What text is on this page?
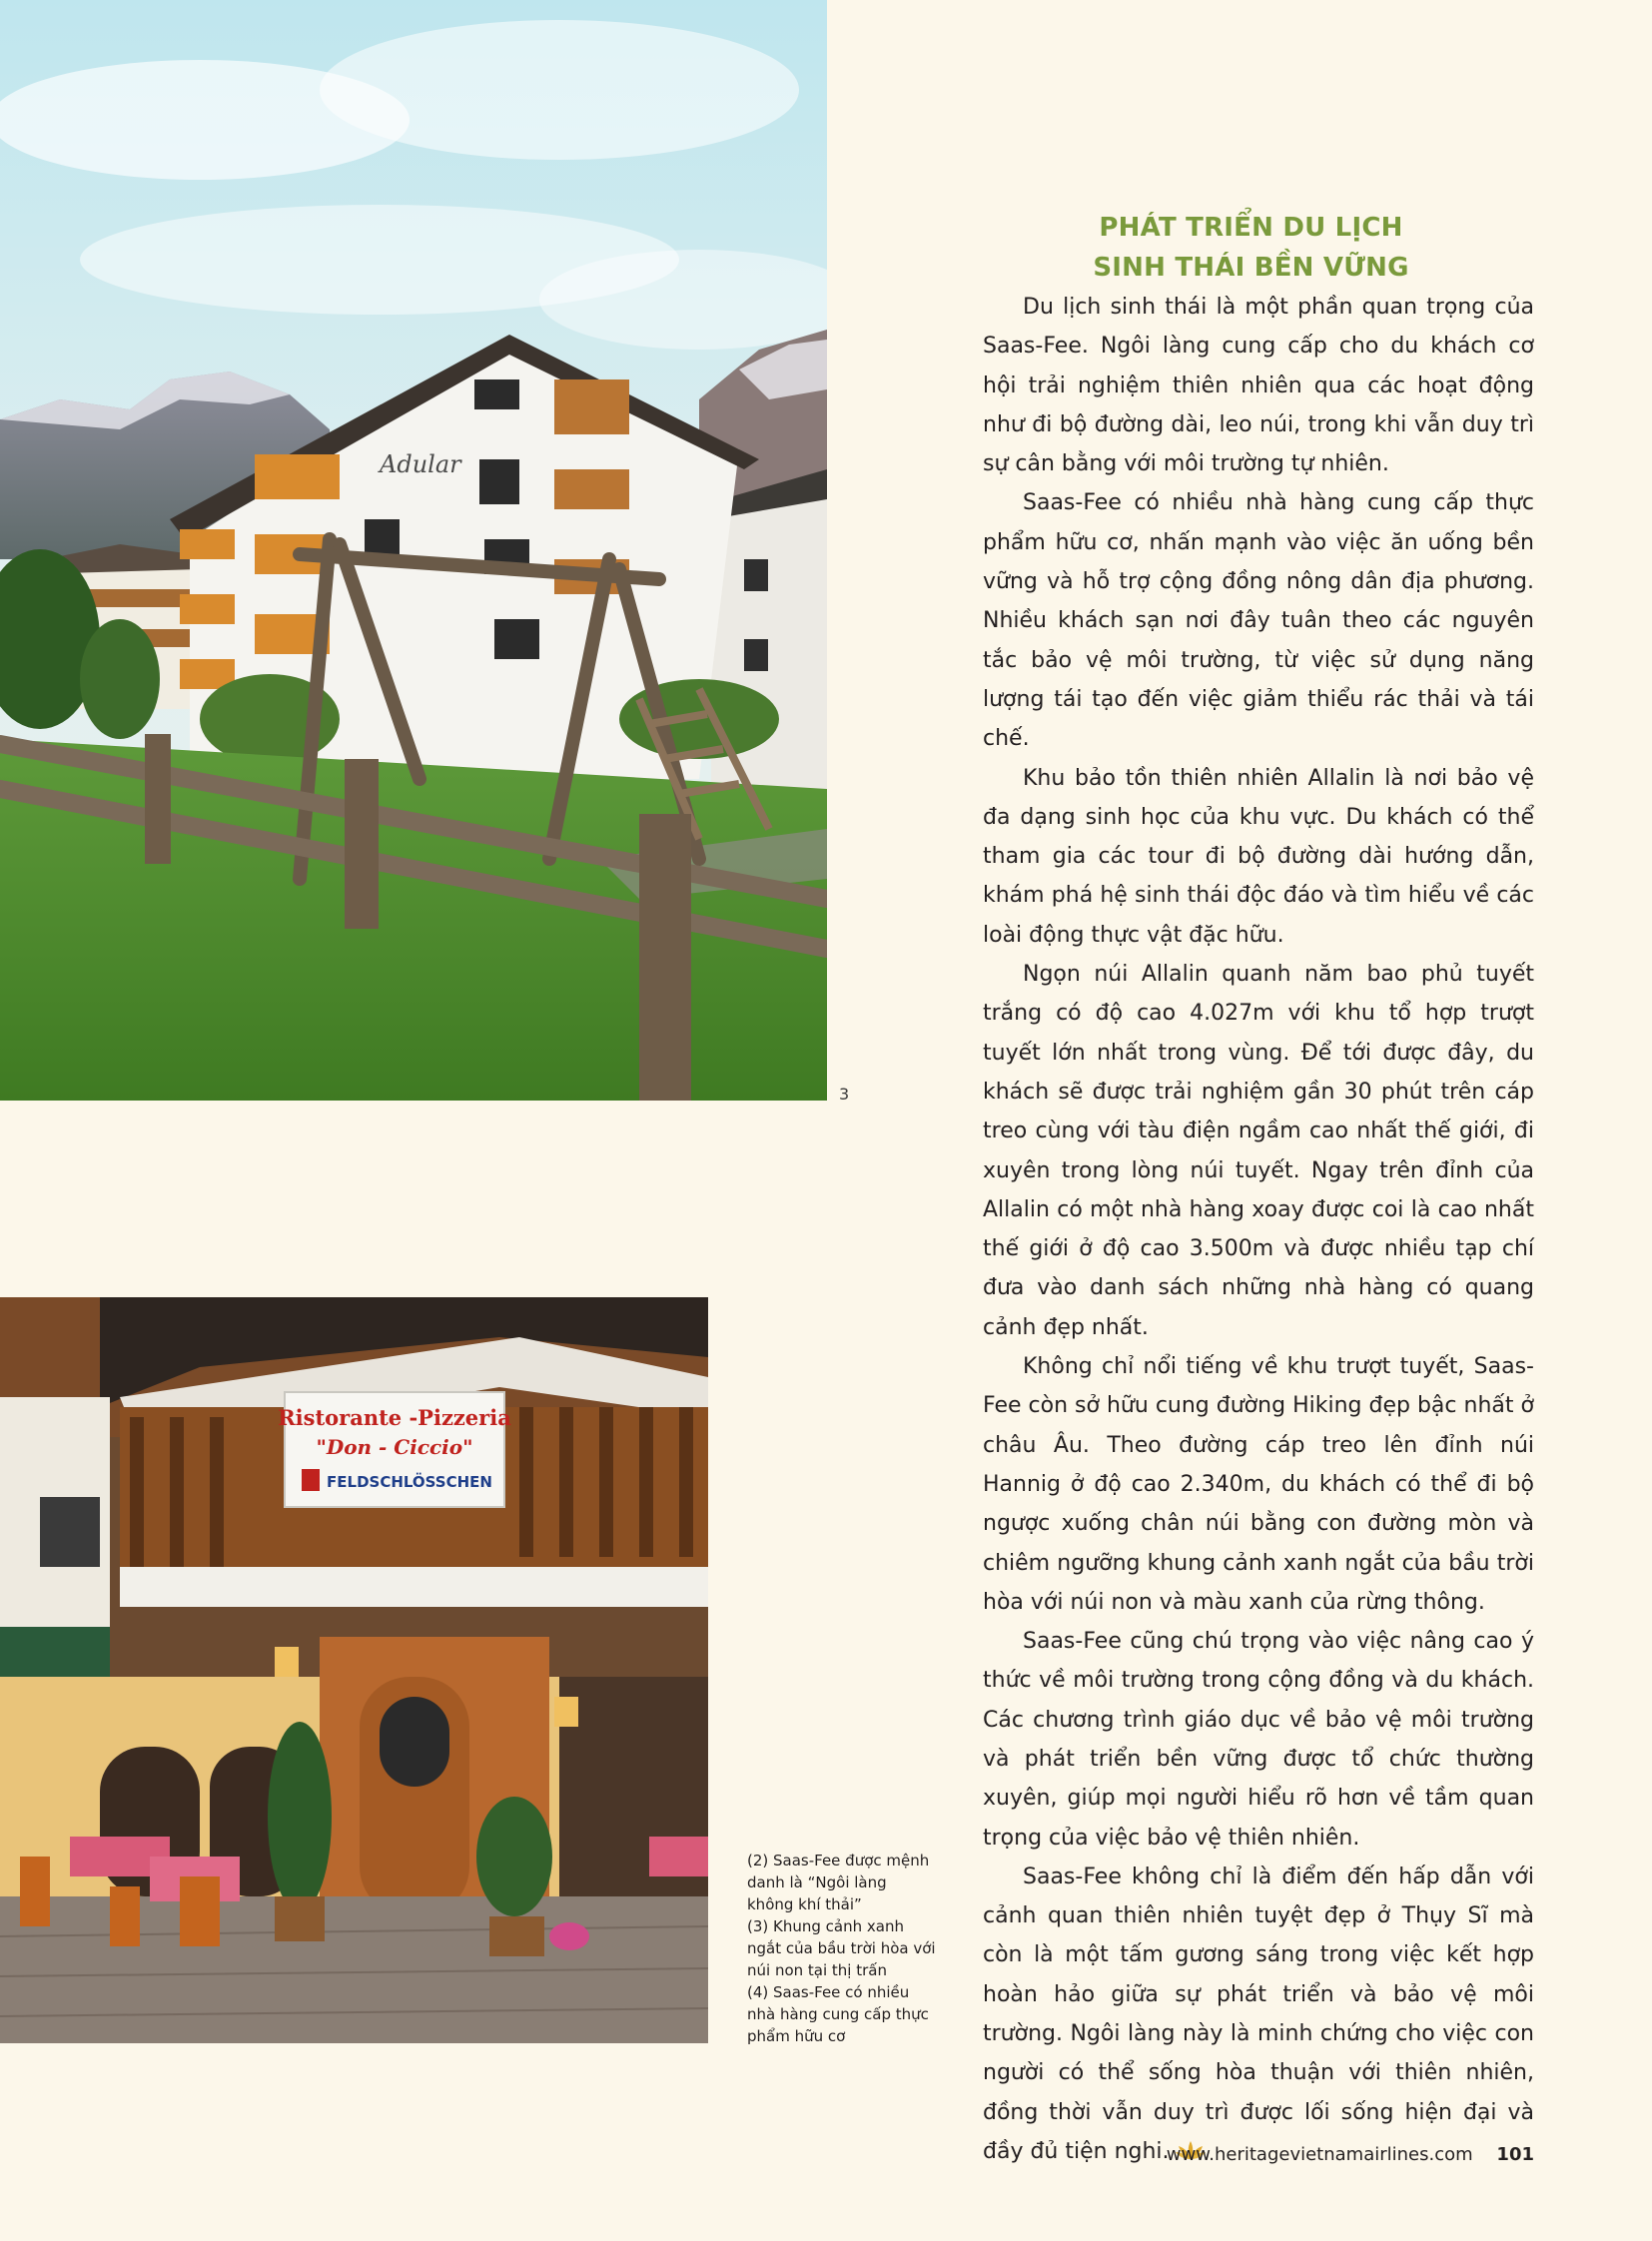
Adular
3
Ristorante -Pizzeria
"Don - Ciccio"
FELDSCHLÖSSCHEN

(2) Saas-Fee được mệnh danh là “Ngôi làng không khí thải”

(3) Khung cảnh xanh ngắt của bầu trời hòa với núi non tại thị trấn

(4) Saas-Fee có nhiều nhà hàng cung cấp thực phẩm hữu cơ

PHÁT TRIỂN DU LỊCH
SINH THÁI BỀN VỮNG

Du lịch sinh thái là một phần quan trọng của Saas-Fee. Ngôi làng cung cấp cho du khách cơ hội trải nghiệm thiên nhiên qua các hoạt động như đi bộ đường dài, leo núi, trong khi vẫn duy trì sự cân bằng với môi trường tự nhiên.

Saas-Fee có nhiều nhà hàng cung cấp thực phẩm hữu cơ, nhấn mạnh vào việc ăn uống bền vững và hỗ trợ cộng đồng nông dân địa phương. Nhiều khách sạn nơi đây tuân theo các nguyên tắc bảo vệ môi trường, từ việc sử dụng năng lượng tái tạo đến việc giảm thiểu rác thải và tái chế.

Khu bảo tồn thiên nhiên Allalin là nơi bảo vệ đa dạng sinh học của khu vực. Du khách có thể tham gia các tour đi bộ đường dài hướng dẫn, khám phá hệ sinh thái độc đáo và tìm hiểu về các loài động thực vật đặc hữu.

Ngọn núi Allalin quanh năm bao phủ tuyết trắng có độ cao 4.027m với khu tổ hợp trượt tuyết lớn nhất trong vùng. Để tới được đây, du khách sẽ được trải nghiệm gần 30 phút trên cáp treo cùng với tàu điện ngầm cao nhất thế giới, đi xuyên trong lòng núi tuyết. Ngay trên đỉnh của Allalin có một nhà hàng xoay được coi là cao nhất thế giới ở độ cao 3.500m và được nhiều tạp chí đưa vào danh sách những nhà hàng có quang cảnh đẹp nhất.

Không chỉ nổi tiếng về khu trượt tuyết, Saas-Fee còn sở hữu cung đường Hiking đẹp bậc nhất ở châu Âu. Theo đường cáp treo lên đỉnh núi Hannig ở độ cao 2.340m, du khách có thể đi bộ ngược xuống chân núi bằng con đường mòn và chiêm ngưỡng khung cảnh xanh ngắt của bầu trời hòa với núi non và màu xanh của rừng thông.

Saas-Fee cũng chú trọng vào việc nâng cao ý thức về môi trường trong cộng đồng và du khách. Các chương trình giáo dục về bảo vệ môi trường và phát triển bền vững được tổ chức thường xuyên, giúp mọi người hiểu rõ hơn về tầm quan trọng của việc bảo vệ thiên nhiên.

Saas-Fee không chỉ là điểm đến hấp dẫn với cảnh quan thiên nhiên tuyệt đẹp ở Thụy Sĩ mà còn là một tấm gương sáng trong việc kết hợp hoàn hảo giữa sự phát triển và bảo vệ môi trường. Ngôi làng này là minh chứng cho việc con người có thể sống hòa thuận với thiên nhiên, đồng thời vẫn duy trì được lối sống hiện đại và đầy đủ tiện nghi.

www.heritagevietnamairlines.com 101
